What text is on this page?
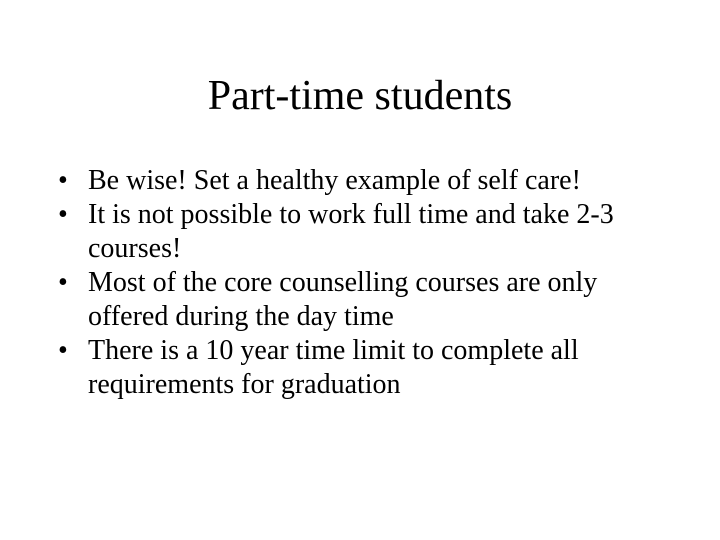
Part-time students
• Be wise! Set a healthy example of self care!
• It is not possible to work full time and take 2-3 courses!
• Most of the core counselling courses are only offered during the day time
• There is a 10 year time limit to complete all requirements for graduation
